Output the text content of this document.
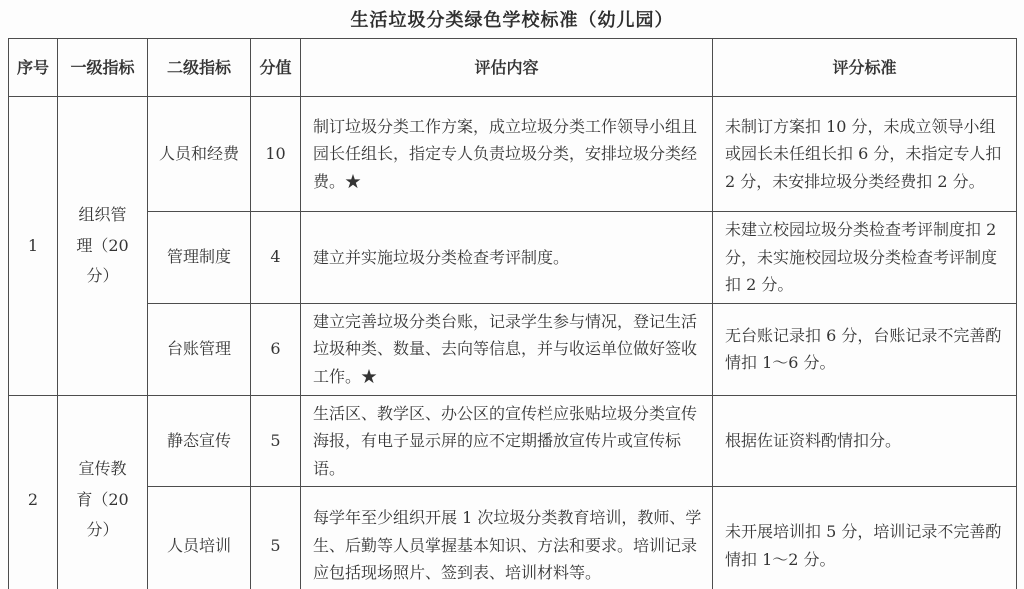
生活垃圾分类绿色学校标准（幼儿园）
序号	一级指标	二级指标	分值	评估内容	评分标准
1	组织管理（20分）	人员和经费	10	制订垃圾分类工作方案，成立垃圾分类工作领导小组且园长任组长，指定专人负责垃圾分类，安排垃圾分类经费。★	未制订方案扣 10 分，未成立领导小组或园长未任组长扣 6 分，未指定专人扣 2 分，未安排垃圾分类经费扣 2 分。
		管理制度	4	建立并实施垃圾分类检查考评制度。	未建立校园垃圾分类检查考评制度扣 2 分，未实施校园垃圾分类检查考评制度扣 2 分。
		台账管理	6	建立完善垃圾分类台账，记录学生参与情况，登记生活垃圾种类、数量、去向等信息，并与收运单位做好签收工作。★	无台账记录扣 6 分，台账记录不完善酌情扣 1～6 分。
2	宣传教育（20分）	静态宣传	5	生活区、教学区、办公区的宣传栏应张贴垃圾分类宣传海报，有电子显示屏的应不定期播放宣传片或宣传标语。	根据佐证资料酌情扣分。
		人员培训	5	每学年至少组织开展 1 次垃圾分类教育培训，教师、学生、后勤等人员掌握基本知识、方法和要求。培训记录应包括现场照片、签到表、培训材料等。	未开展培训扣 5 分，培训记录不完善酌情扣 1～2 分。
